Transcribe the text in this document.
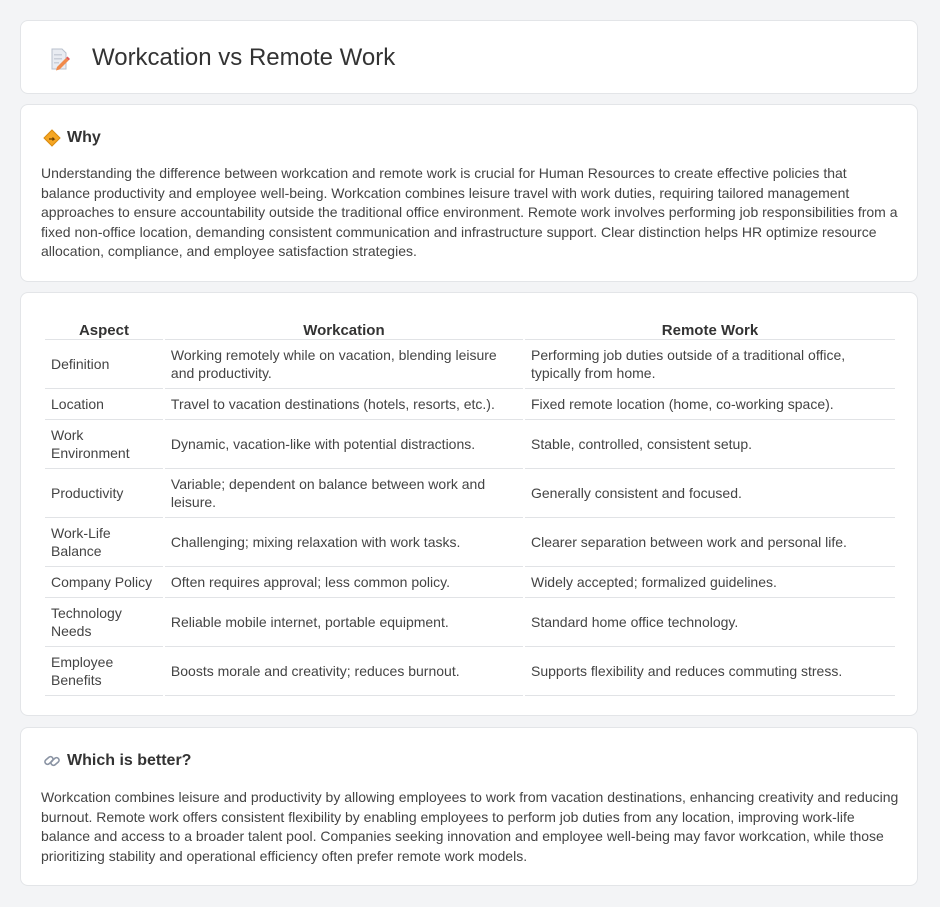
Workcation vs Remote Work
Why

Understanding the difference between workcation and remote work is crucial for Human Resources to create effective policies that balance productivity and employee well-being. Workcation combines leisure travel with work duties, requiring tailored management approaches to ensure accountability outside the traditional office environment. Remote work involves performing job responsibilities from a fixed non-office location, demanding consistent communication and infrastructure support. Clear distinction helps HR optimize resource allocation, compliance, and employee satisfaction strategies.

Aspect	Workcation	Remote Work
Definition	Working remotely while on vacation, blending leisure and productivity.	Performing job duties outside of a traditional office, typically from home.
Location	Travel to vacation destinations (hotels, resorts, etc.).	Fixed remote location (home, co-working space).
Work Environment	Dynamic, vacation-like with potential distractions.	Stable, controlled, consistent setup.
Productivity	Variable; dependent on balance between work and leisure.	Generally consistent and focused.
Work-Life Balance	Challenging; mixing relaxation with work tasks.	Clearer separation between work and personal life.
Company Policy	Often requires approval; less common policy.	Widely accepted; formalized guidelines.
Technology Needs	Reliable mobile internet, portable equipment.	Standard home office technology.
Employee Benefits	Boosts morale and creativity; reduces burnout.	Supports flexibility and reduces commuting stress.
Which is better?

Workcation combines leisure and productivity by allowing employees to work from vacation destinations, enhancing creativity and reducing burnout. Remote work offers consistent flexibility by enabling employees to perform job duties from any location, improving work-life balance and access to a broader talent pool. Companies seeking innovation and employee well-being may favor workcation, while those prioritizing stability and operational efficiency often prefer remote work models.
